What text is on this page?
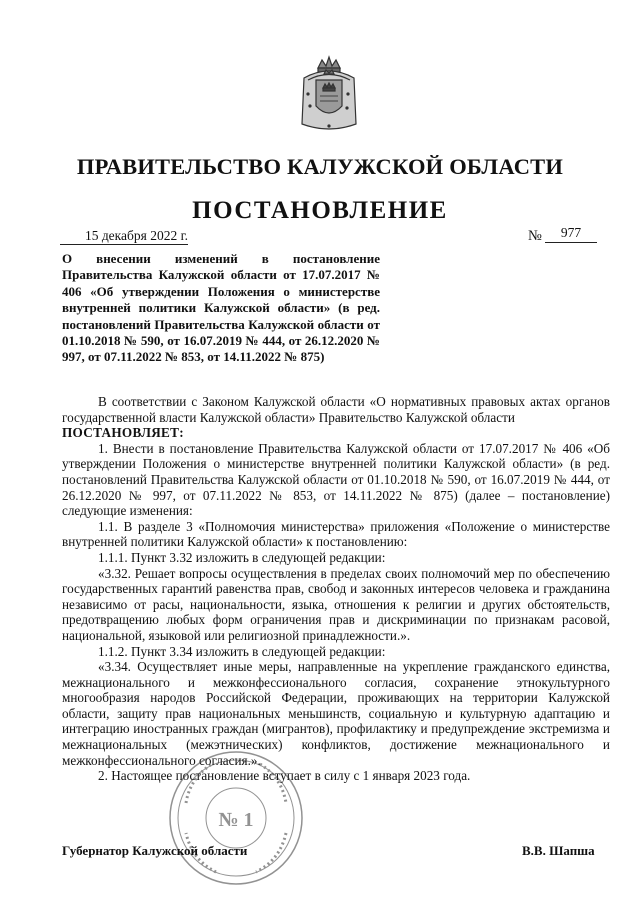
ПРАВИТЕЛЬСТВО КАЛУЖСКОЙ ОБЛАСТИ
ПОСТАНОВЛЕНИЕ
15 декабря 2022 г.	№	977

О внесении изменений в постановление Правительства Калужской области от 17.07.2017 № 406 «Об утверждении Положения о министерстве внутренней политики Калужской области» (в ред. постановлений Правительства Калужской области от 01.10.2018 № 590, от 16.07.2019 № 444, от 26.12.2020 № 997, от 07.11.2022 № 853, от 14.11.2022 № 875)

В соответствии с Законом Калужской области «О нормативных правовых актах органов государственной власти Калужской области» Правительство Калужской области

ПОСТАНОВЛЯЕТ:

1. Внести в постановление Правительства Калужской области от 17.07.2017 № 406 «Об утверждении Положения о министерстве внутренней политики Калужской области» (в ред. постановлений Правительства Калужской области от 01.10.2018 № 590, от 16.07.2019 № 444, от 26.12.2020 № 997, от 07.11.2022 № 853, от 14.11.2022 № 875) (далее – постановление) следующие изменения:

1.1. В разделе 3 «Полномочия министерства» приложения «Положение о министерстве внутренней политики Калужской области» к постановлению:

1.1.1. Пункт 3.32 изложить в следующей редакции:

«3.32. Решает вопросы осуществления в пределах своих полномочий мер по обеспечению государственных гарантий равенства прав, свобод и законных интересов человека и гражданина независимо от расы, национальности, языка, отношения к религии и других обстоятельств, предотвращению любых форм ограничения прав и дискриминации по признакам расовой, национальной, языковой или религиозной принадлежности.».

1.1.2. Пункт 3.34 изложить в следующей редакции:

«3.34. Осуществляет иные меры, направленные на укрепление гражданского единства, межнационального и межконфессионального согласия, сохранение этнокультурного многообразия народов Российской Федерации, проживающих на территории Калужской области, защиту прав национальных меньшинств, социальную и культурную адаптацию и интеграцию иностранных граждан (мигрантов), профилактику и предупреждение экстремизма и межнациональных (межэтнических) конфликтов, достижение межнационального и межконфессионального согласия.».

2. Настоящее постановление вступает в силу с 1 января 2023 года.

№ 1
Губернатор Калужской области	В.В. Шапша
